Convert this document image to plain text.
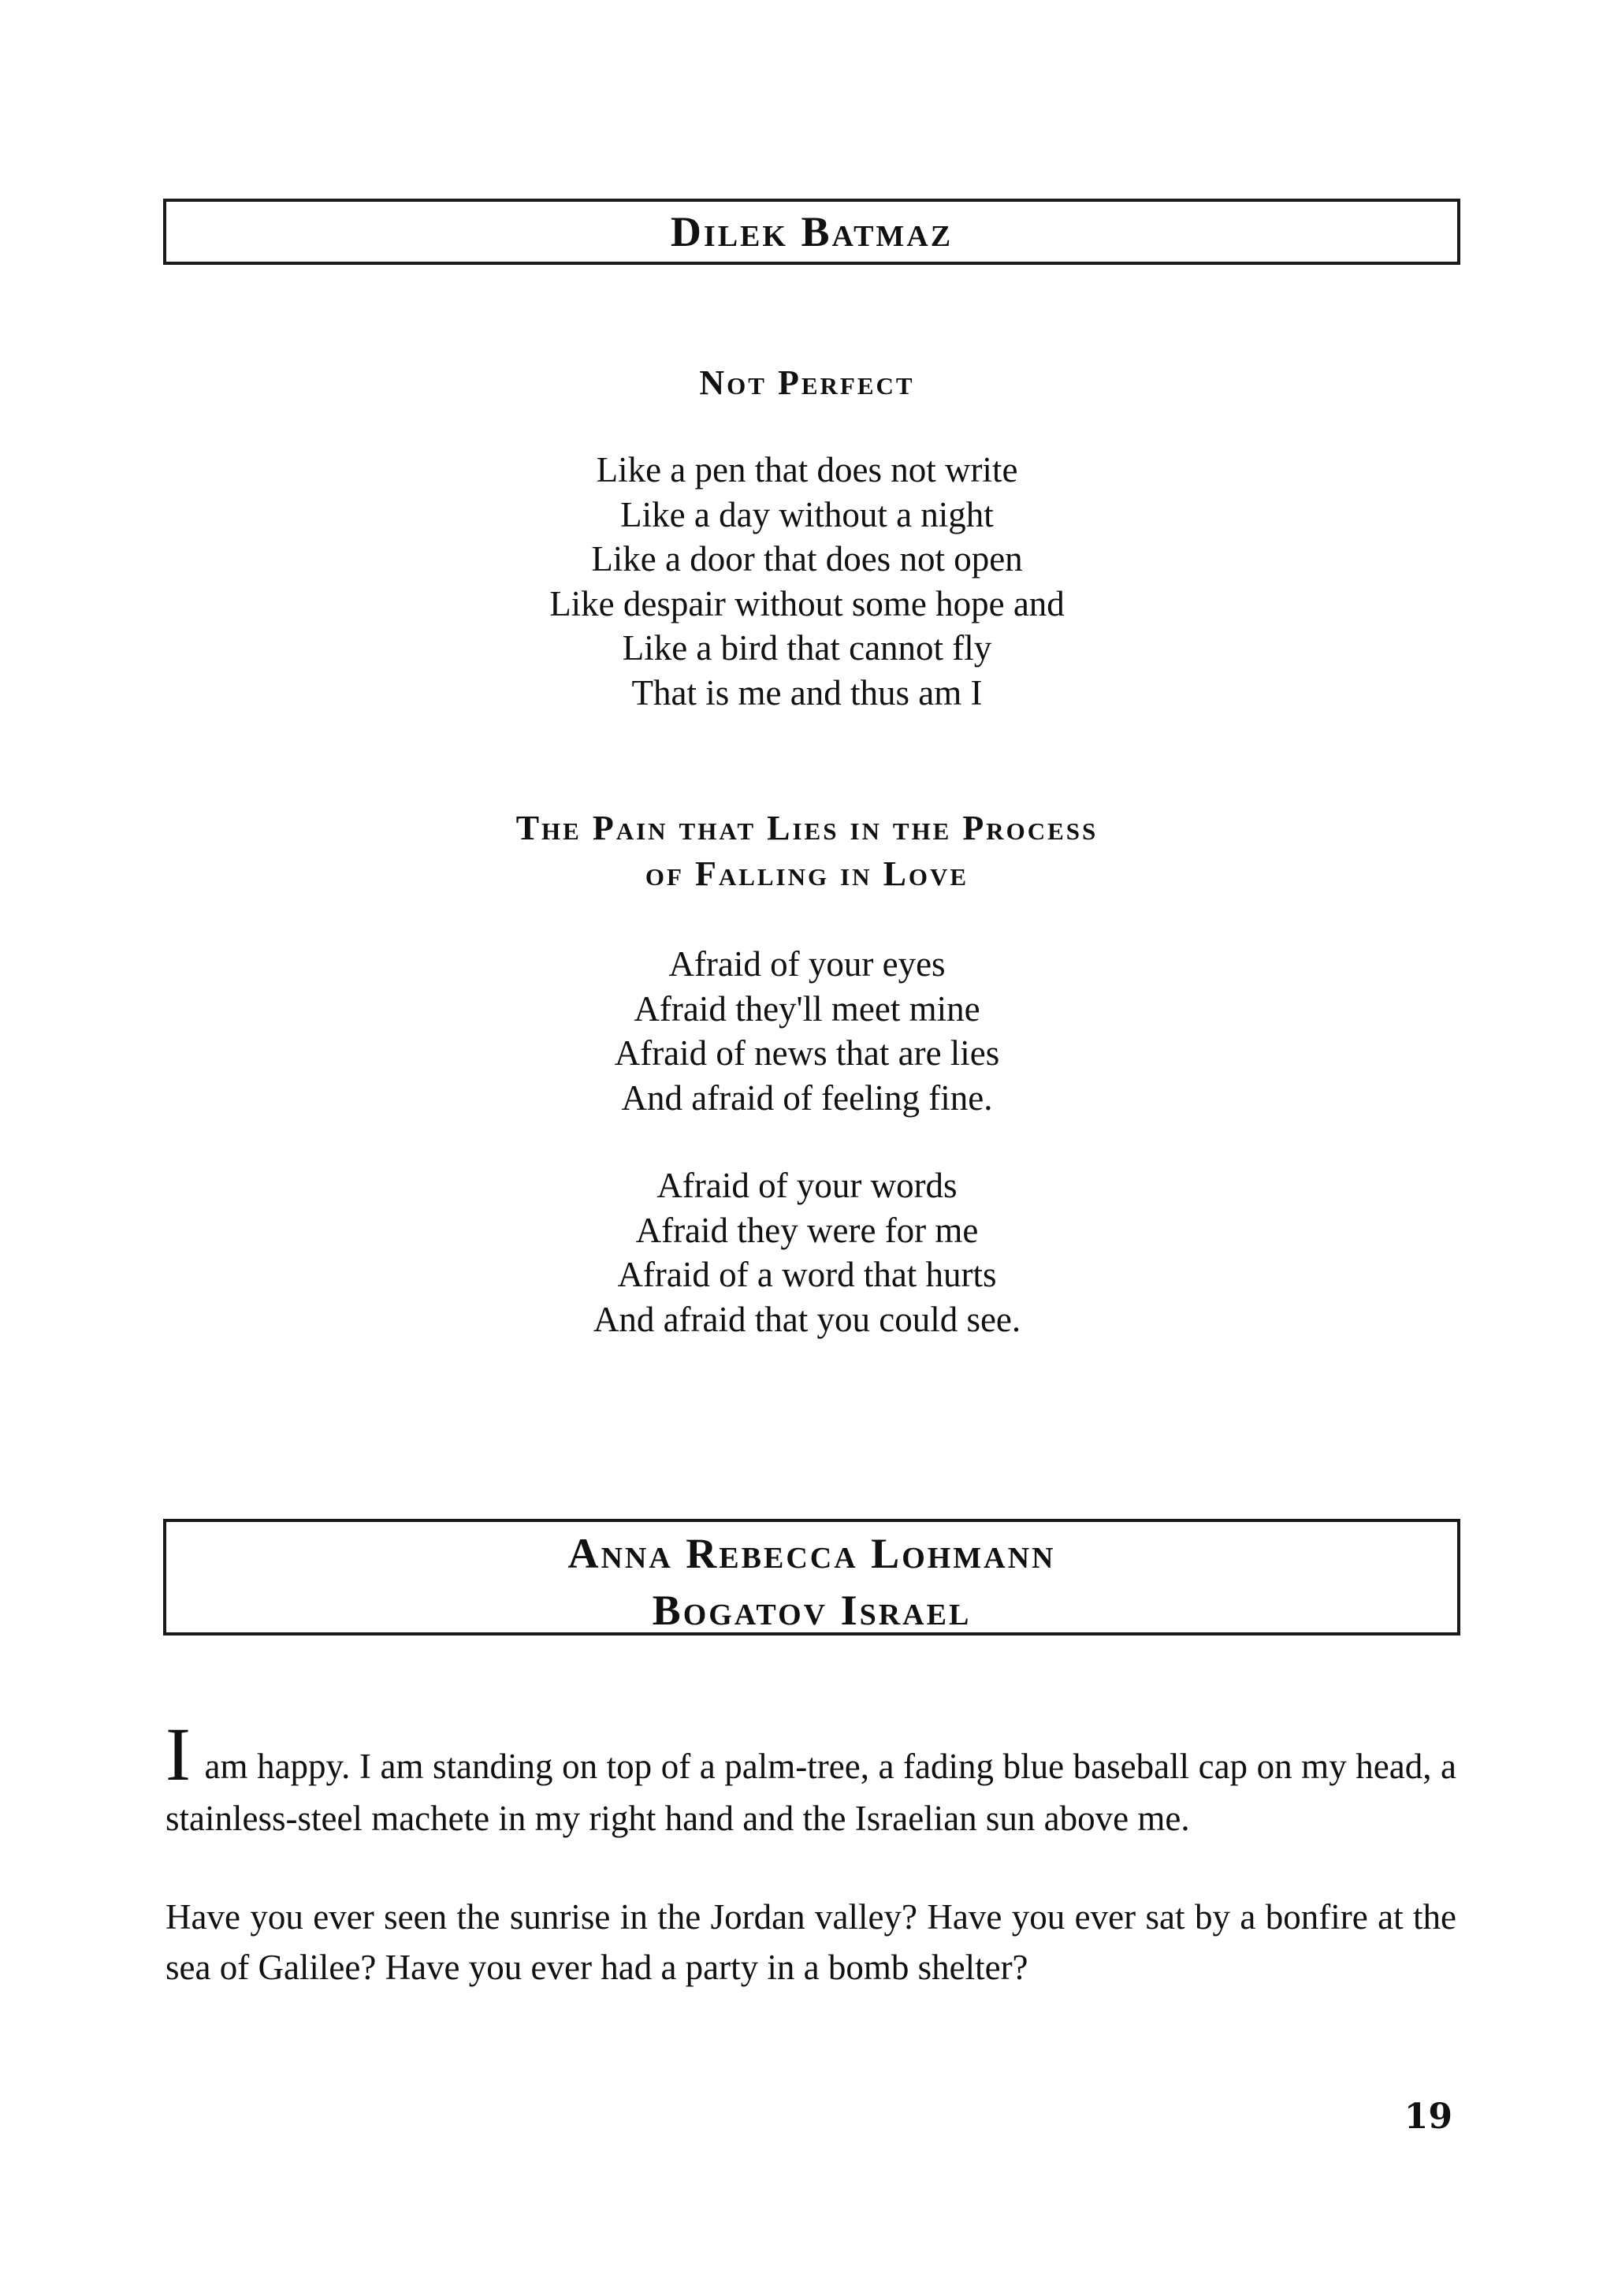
Dilek Batmaz
Not Perfect
Like a pen that does not write
Like a day without a night
Like a door that does not open
Like despair without some hope and
Like a bird that cannot fly
That is me and thus am I
The Pain that Lies in the Process
of Falling in Love
Afraid of your eyes
Afraid they'll meet mine
Afraid of news that are lies
And afraid of feeling fine.
Afraid of your words
Afraid they were for me
Afraid of a word that hurts
And afraid that you could see.
Anna Rebecca Lohmann
Bogatov Israel
I am happy. I am standing on top of a palm-tree, a fading blue baseball cap on my head, a stainless-steel machete in my right hand and the Israelian sun above me.
Have you ever seen the sunrise in the Jordan valley? Have you ever sat by a bonfire at the sea of Galilee? Have you ever had a party in a bomb shelter?
19
